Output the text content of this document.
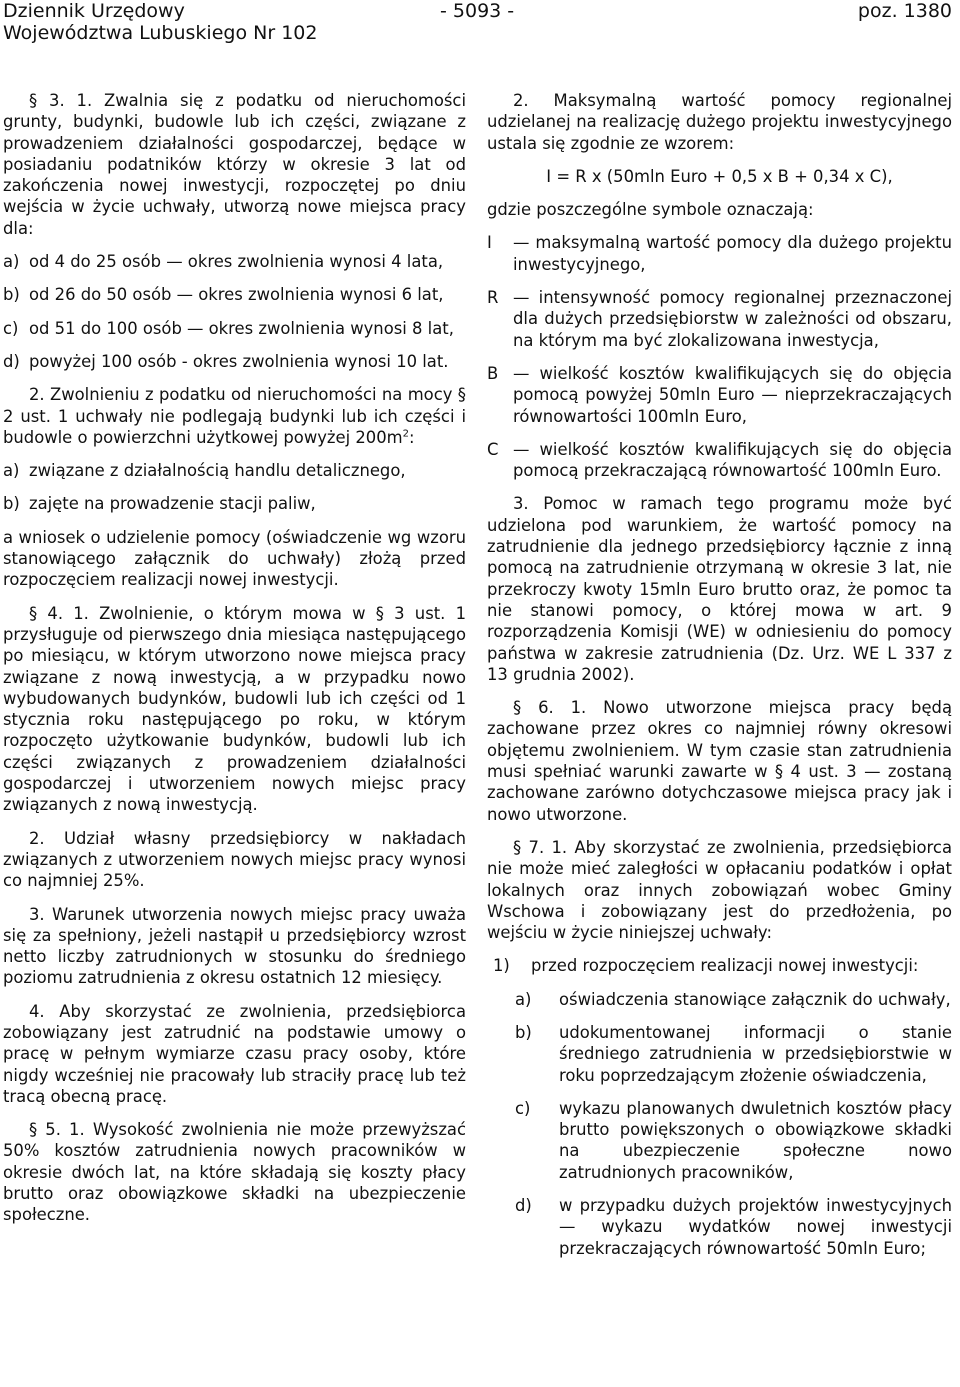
Dziennik Urzędowy
Województwa Lubuskiego Nr 102
- 5093 -	poz. 1380

§ 3. 1. Zwalnia się z podatku od nieruchomości grunty, budynki, budowle lub ich części, związane z prowadzeniem działalności gospodarczej, będące w posiadaniu podatników którzy w okresie 3 lat od zakończenia nowej inwestycji, rozpoczętej po dniu wejścia w życie uchwały, utworzą nowe miejsca pracy dla:

a) od 4 do 25 osób — okres zwolnienia wynosi 4 lata,
b) od 26 do 50 osób — okres zwolnienia wynosi 6 lat,
c) od 51 do 100 osób — okres zwolnienia wynosi 8 lat,
d) powyżej 100 osób - okres zwolnienia wynosi 10 lat.

2. Zwolnieniu z podatku od nieruchomości na mocy § 2 ust. 1 uchwały nie podlegają budynki lub ich części i budowle o powierzchni użytkowej powyżej $200m^2$:

a) związane z działalnością handlu detalicznego,
b) zajęte na prowadzenie stacji paliw,

a wniosek o udzielenie pomocy (oświadczenie wg wzoru stanowiącego załącznik do uchwały) złożą przed rozpoczęciem realizacji nowej inwestycji.

§ 4. 1. Zwolnienie, o którym mowa w § 3 ust. 1 przysługuje od pierwszego dnia miesiąca następującego po miesiącu, w którym utworzono nowe miejsca pracy związane z nową inwestycją, a w przypadku nowo wybudowanych budynków, budowli lub ich części od 1 stycznia roku następującego po roku, w którym rozpoczęto użytkowanie budynków, budowli lub ich części związanych z prowadzeniem działalności gospodarczej i utworzeniem nowych miejsc pracy związanych z nową inwestycją.

2. Udział własny przedsiębiorcy w nakładach związanych z utworzeniem nowych miejsc pracy wynosi co najmniej 25%.

3. Warunek utworzenia nowych miejsc pracy uważa się za spełniony, jeżeli nastąpił u przedsiębiorcy wzrost netto liczby zatrudnionych w stosunku do średniego poziomu zatrudnienia z okresu ostatnich 12 miesięcy.

4. Aby skorzystać ze zwolnienia, przedsiębiorca zobowiązany jest zatrudnić na podstawie umowy o pracę w pełnym wymiarze czasu pracy osoby, które nigdy wcześniej nie pracowały lub straciły pracę lub też tracą obecną pracę.

§ 5. 1. Wysokość zwolnienia nie może przewyższać 50% kosztów zatrudnienia nowych pracowników w okresie dwóch lat, na które składają się koszty płacy brutto oraz obowiązkowe składki na ubezpieczenie społeczne.

2. Maksymalną wartość pomocy regionalnej udzielanej na realizację dużego projektu inwestycyjnego ustala się zgodnie ze wzorem:

I = R x (50mln Euro + 0,5 x B + 0,34 x C),

gdzie poszczególne symbole oznaczają:

I	— maksymalną wartość pomocy dla dużego projektu inwestycyjnego,
R — intensywność pomocy regionalnej przeznaczonej dla dużych przedsiębiorstw w zależności od obszaru, na którym ma być zlokalizowana inwestycja,
B — wielkość kosztów kwalifikujących się do objęcia pomocą powyżej 50mln Euro — nieprzekraczających równowartości 100mln Euro,
C — wielkość kosztów kwalifikujących się do objęcia pomocą przekraczającą równowartość 100mln Euro.

3. Pomoc w ramach tego programu może być udzielona pod warunkiem, że wartość pomocy na zatrudnienie dla jednego przedsiębiorcy łącznie z inną pomocą na zatrudnienie otrzymaną w okresie 3 lat, nie przekroczy kwoty 15mln Euro brutto oraz, że pomoc ta nie stanowi pomocy, o której mowa w art. 9 rozporządzenia Komisji (WE) w odniesieniu do pomocy państwa w zakresie zatrudnienia (Dz. Urz. WE L 337 z 13 grudnia 2002).

§ 6. 1. Nowo utworzone miejsca pracy będą zachowane przez okres co najmniej równy okresowi objętemu zwolnieniem. W tym czasie stan zatrudnienia musi spełniać warunki zawarte w § 4 ust. 3 — zostaną zachowane zarówno dotychczasowe miejsca pracy jak i nowo utworzone.

§ 7. 1. Aby skorzystać ze zwolnienia, przedsiębiorca nie może mieć zaległości w opłacaniu podatków i opłat lokalnych oraz innych zobowiązań wobec Gminy Wschowa i zobowiązany jest do przedłożenia, po wejściu w życie niniejszej uchwały:

1)	przed rozpoczęciem realizacji nowej inwestycji:
a)	oświadczenia stanowiące załącznik do uchwały,
b)	udokumentowanej informacji o stanie średniego zatrudnienia w przedsiębiorstwie w roku poprzedzającym złożenie oświadczenia,
c)	wykazu planowanych dwuletnich kosztów płacy brutto powiększonych o obowiązkowe składki na ubezpieczenie społeczne nowo zatrudnionych pracowników,
d)	w przypadku dużych projektów inwestycyjnych — wykazu wydatków nowej inwestycji przekraczających równowartość 50mln Euro;
